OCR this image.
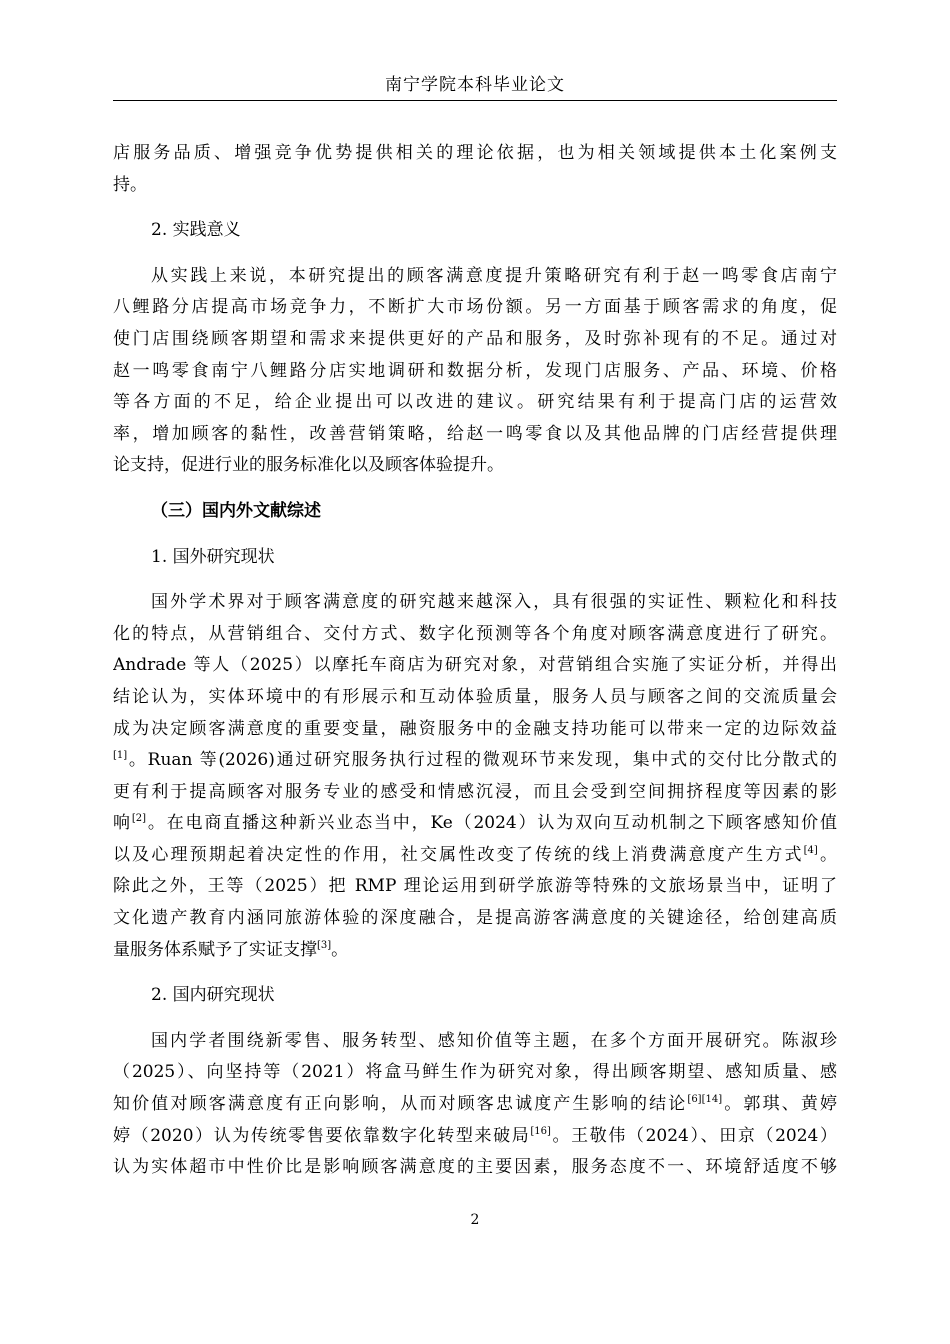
南宁学院本科毕业论文
店服务品质、增强竞争优势提供相关的理论依据，也为相关领域提供本土化案例支
持。
2. 实践意义
从实践上来说，本研究提出的顾客满意度提升策略研究有利于赵一鸣零食店南宁
八鲤路分店提高市场竞争力，不断扩大市场份额。另一方面基于顾客需求的角度，促
使门店围绕顾客期望和需求来提供更好的产品和服务，及时弥补现有的不足。通过对
赵一鸣零食南宁八鲤路分店实地调研和数据分析，发现门店服务、产品、环境、价格
等各方面的不足，给企业提出可以改进的建议。研究结果有利于提高门店的运营效
率，增加顾客的黏性，改善营销策略，给赵一鸣零食以及其他品牌的门店经营提供理
论支持，促进行业的服务标准化以及顾客体验提升。
（三）国内外文献综述
1. 国外研究现状
国外学术界对于顾客满意度的研究越来越深入，具有很强的实证性、颗粒化和科技
化的特点，从营销组合、交付方式、数字化预测等各个角度对顾客满意度进行了研究。
Andrade 等人（2025）以摩托车商店为研究对象，对营销组合实施了实证分析，并得出
结论认为，实体环境中的有形展示和互动体验质量，服务人员与顾客之间的交流质量会
成为决定顾客满意度的重要变量，融资服务中的金融支持功能可以带来一定的边际效益
[1]。Ruan 等(2026)通过研究服务执行过程的微观环节来发现，集中式的交付比分散式的
更有利于提高顾客对服务专业的感受和情感沉浸，而且会受到空间拥挤程度等因素的影
响[2]。在电商直播这种新兴业态当中，Ke（2024）认为双向互动机制之下顾客感知价值
以及心理预期起着决定性的作用，社交属性改变了传统的线上消费满意度产生方式[4]。
除此之外，王等（2025）把 RMP 理论运用到研学旅游等特殊的文旅场景当中，证明了
文化遗产教育内涵同旅游体验的深度融合，是提高游客满意度的关键途径，给创建高质
量服务体系赋予了实证支撑[3]。
2. 国内研究现状
国内学者围绕新零售、服务转型、感知价值等主题，在多个方面开展研究。陈淑珍
（2025）、向坚持等（2021）将盒马鲜生作为研究对象，得出顾客期望、感知质量、感
知价值对顾客满意度有正向影响，从而对顾客忠诚度产生影响的结论[6][14]。郭琪、黄婷
婷（2020）认为传统零售要依靠数字化转型来破局[16]。王敬伟（2024）、田京（2024）
认为实体超市中性价比是影响顾客满意度的主要因素，服务态度不一、环境舒适度不够
2
